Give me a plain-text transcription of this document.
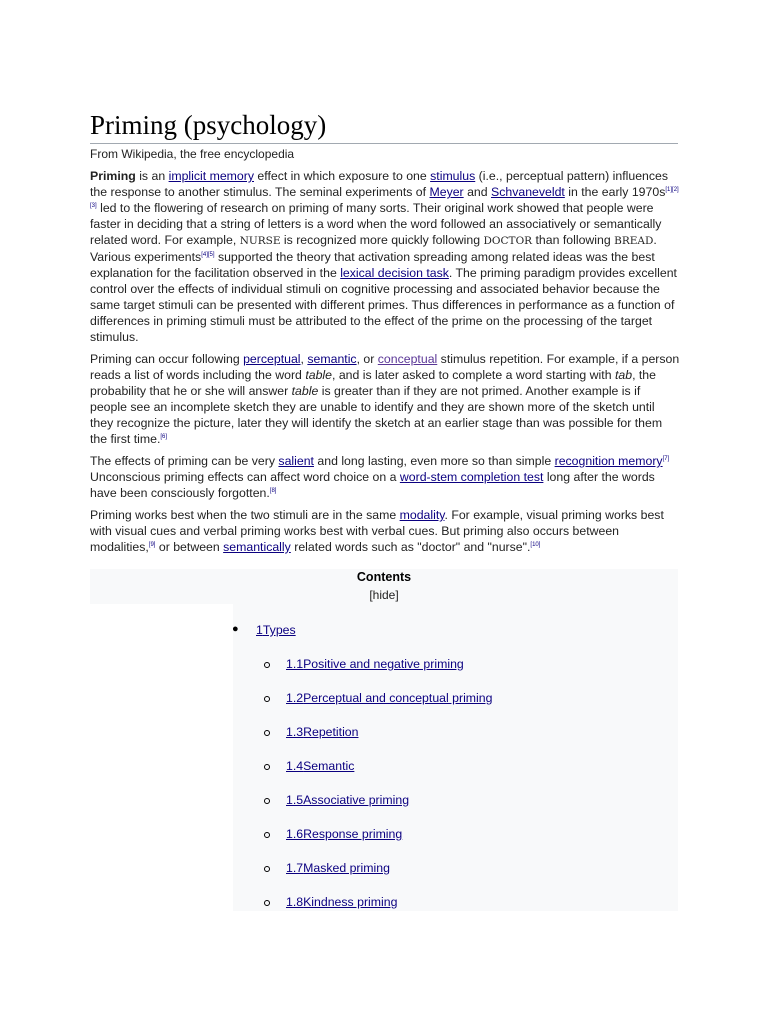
Priming (psychology)
From Wikipedia, the free encyclopedia

Priming is an implicit memory effect in which exposure to one stimulus (i.e., perceptual pattern) influences the response to another stimulus. The seminal experiments of Meyer and Schvaneveldt in the early 1970s[1][2][3] led to the flowering of research on priming of many sorts. Their original work showed that people were faster in deciding that a string of letters is a word when the word followed an associatively or semantically related word. For example, NURSE is recognized more quickly following DOCTOR than following BREAD. Various experiments[4][5] supported the theory that activation spreading among related ideas was the best explanation for the facilitation observed in the lexical decision task. The priming paradigm provides excellent control over the effects of individual stimuli on cognitive processing and associated behavior because the same target stimuli can be presented with different primes. Thus differences in performance as a function of differences in priming stimuli must be attributed to the effect of the prime on the processing of the target stimulus.

Priming can occur following perceptual, semantic, or conceptual stimulus repetition. For example, if a person reads a list of words including the word table, and is later asked to complete a word starting with tab, the probability that he or she will answer table is greater than if they are not primed. Another example is if people see an incomplete sketch they are unable to identify and they are shown more of the sketch until they recognize the picture, later they will identify the sketch at an earlier stage than was possible for them the first time.[6]

The effects of priming can be very salient and long lasting, even more so than simple recognition memory[7] Unconscious priming effects can affect word choice on a word-stem completion test long after the words have been consciously forgotten.[8]

Priming works best when the two stimuli are in the same modality. For example, visual priming works best with visual cues and verbal priming works best with verbal cues. But priming also occurs between modalities,[9] or between semantically related words such as "doctor" and "nurse".[10]

Contents
[hide]
● 1Types
1.1Positive and negative priming
1.2Perceptual and conceptual priming
1.3Repetition
1.4Semantic
1.5Associative priming
1.6Response priming
1.7Masked priming
1.8Kindness priming
